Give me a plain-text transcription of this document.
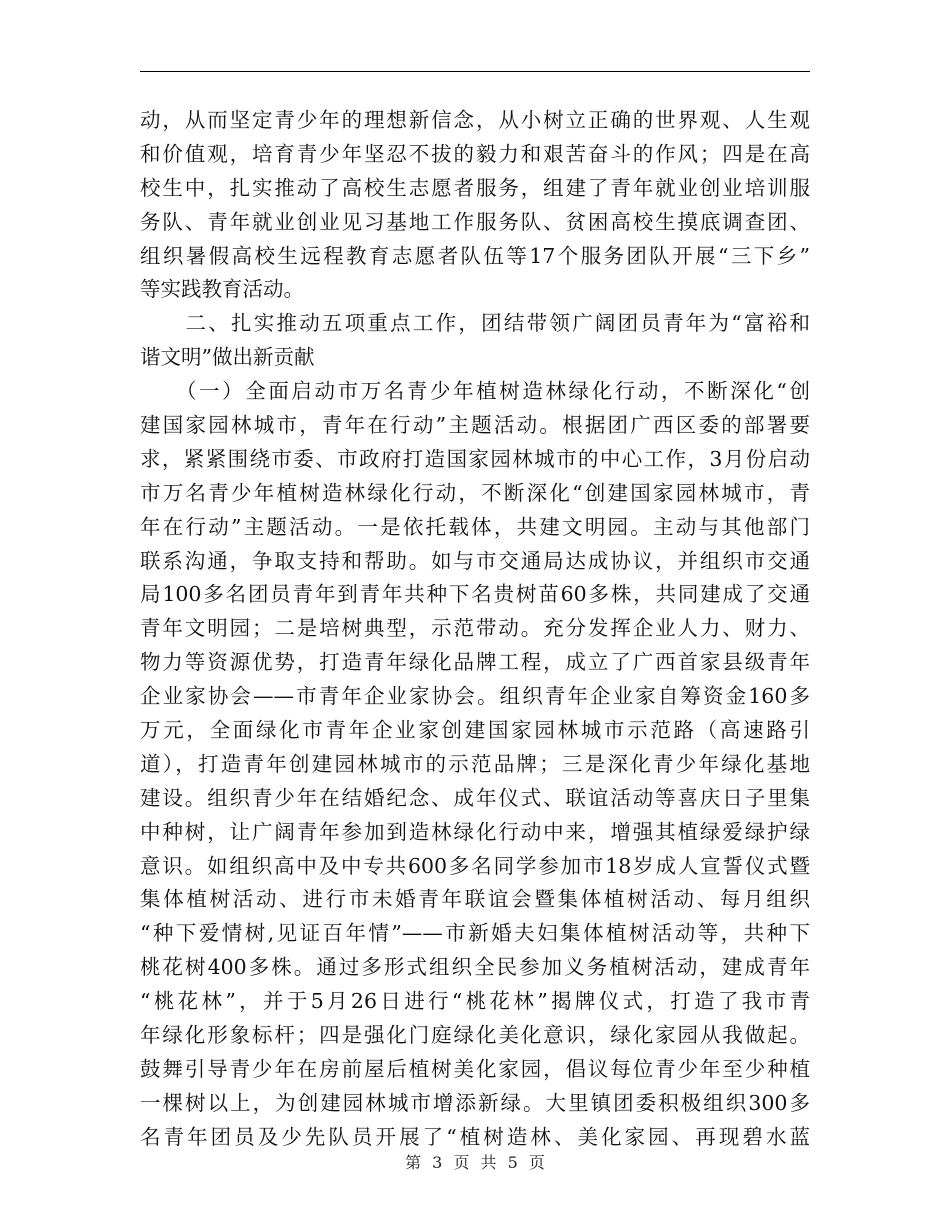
动，从而坚定青少年的理想新信念，从小树立正确的世界观、人生观
和价值观，培育青少年坚忍不拔的毅力和艰苦奋斗的作风；四是在高
校生中，扎实推动了高校生志愿者服务，组建了青年就业创业培训服
务队、青年就业创业见习基地工作服务队、贫困高校生摸底调查团、
组织暑假高校生远程教育志愿者队伍等17个服务团队开展“三下乡”
等实践教育活动。
　　二、扎实推动五项重点工作，团结带领广阔团员青年为“富裕和
谐文明”做出新贡献
　　（一）全面启动市万名青少年植树造林绿化行动，不断深化“创
建国家园林城市，青年在行动”主题活动。根据团广西区委的部署要
求，紧紧围绕市委、市政府打造国家园林城市的中心工作，3月份启动
市万名青少年植树造林绿化行动，不断深化“创建国家园林城市，青
年在行动”主题活动。一是依托载体，共建文明园。主动与其他部门
联系沟通，争取支持和帮助。如与市交通局达成协议，并组织市交通
局100多名团员青年到青年共种下名贵树苗60多株，共同建成了交通
青年文明园；二是培树典型，示范带动。充分发挥企业人力、财力、
物力等资源优势，打造青年绿化品牌工程，成立了广西首家县级青年
企业家协会——市青年企业家协会。组织青年企业家自筹资金160多
万元，全面绿化市青年企业家创建国家园林城市示范路（高速路引
道），打造青年创建园林城市的示范品牌；三是深化青少年绿化基地
建设。组织青少年在结婚纪念、成年仪式、联谊活动等喜庆日子里集
中种树，让广阔青年参加到造林绿化行动中来，增强其植绿爱绿护绿
意识。如组织高中及中专共600多名同学参加市18岁成人宣誓仪式暨
集体植树活动、进行市未婚青年联谊会暨集体植树活动、每月组织
“种下爱情树,见证百年情”——市新婚夫妇集体植树活动等，共种下
桃花树400多株。通过多形式组织全民参加义务植树活动，建成青年
“桃花林”，并于5月26日进行“桃花林”揭牌仪式，打造了我市青
年绿化形象标杆；四是强化门庭绿化美化意识，绿化家园从我做起。
鼓舞引导青少年在房前屋后植树美化家园，倡议每位青少年至少种植
一棵树以上，为创建园林城市增添新绿。大里镇团委积极组织300多
名青年团员及少先队员开展了“植树造林、美化家园、再现碧水蓝
第 3 页 共 5 页
